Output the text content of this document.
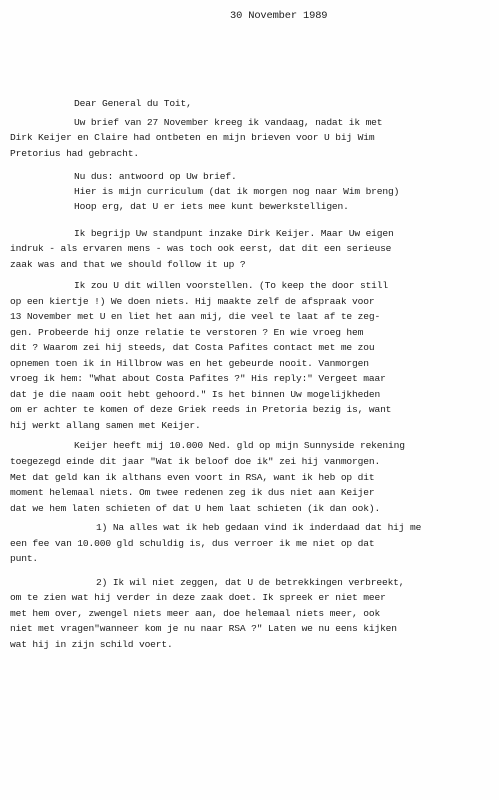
30 November 1989
Dear General du Toit,
Uw brief van 27 November kreeg ik vandaag, nadat ik met
Dirk Keijer en Claire had ontbeten en mijn brieven voor U bij Wim
Pretorius had gebracht.
Nu dus: antwoord op Uw brief.
Hier is mijn curriculum (dat ik morgen nog naar Wim breng)
Hoop erg, dat U er iets mee kunt bewerkstelligen.
Ik begrijp Uw standpunt inzake Dirk Keijer. Maar Uw eigen
indruk - als ervaren mens - was toch ook eerst, dat dit een serieuse
zaak was and that we should follow it up ?
Ik zou U dit willen voorstellen. (To keep the door still
op een kiertje !) We doen niets. Hij maakte zelf de afspraak voor
13 November met U en liet het aan mij, die veel te laat af te zeg-
gen. Probeerde hij onze relatie te verstoren ? En wie vroeg hem
dit ? Waarom zei hij steeds, dat Costa Pafites contact met me zou
opnemen toen ik in Hillbrow was en het gebeurde nooit. Vanmorgen
vroeg ik hem: "What about Costa Pafites ?" His reply:" Vergeet maar
dat je die naam ooit hebt gehoord." Is het binnen Uw mogelijkheden
om er achter te komen of deze Griek reeds in Pretoria bezig is, want
hij werkt allang samen met Keijer.
Keijer heeft mij 10.000 Ned. gld op mijn Sunnyside rekening
toegezegd einde dit jaar "Wat ik beloof doe ik" zei hij vanmorgen.
Met dat geld kan ik althans even voort in RSA, want ik heb op dit
moment helemaal niets. Om twee redenen zeg ik dus niet aan Keijer
dat we hem laten schieten of dat U hem laat schieten (ik dan ook).
1) Na alles wat ik heb gedaan vind ik inderdaad dat hij me
een fee van 10.000 gld schuldig is, dus verroer ik me niet op dat
punt.
2) Ik wil niet zeggen, dat U de betrekkingen verbreekt,
om te zien wat hij verder in deze zaak doet. Ik spreek er niet meer
met hem over, zwengel niets meer aan, doe helemaal niets meer, ook
niet met vragen"wanneer kom je nu naar RSA ?" Laten we nu eens kijken
wat hij in zijn schild voert.
